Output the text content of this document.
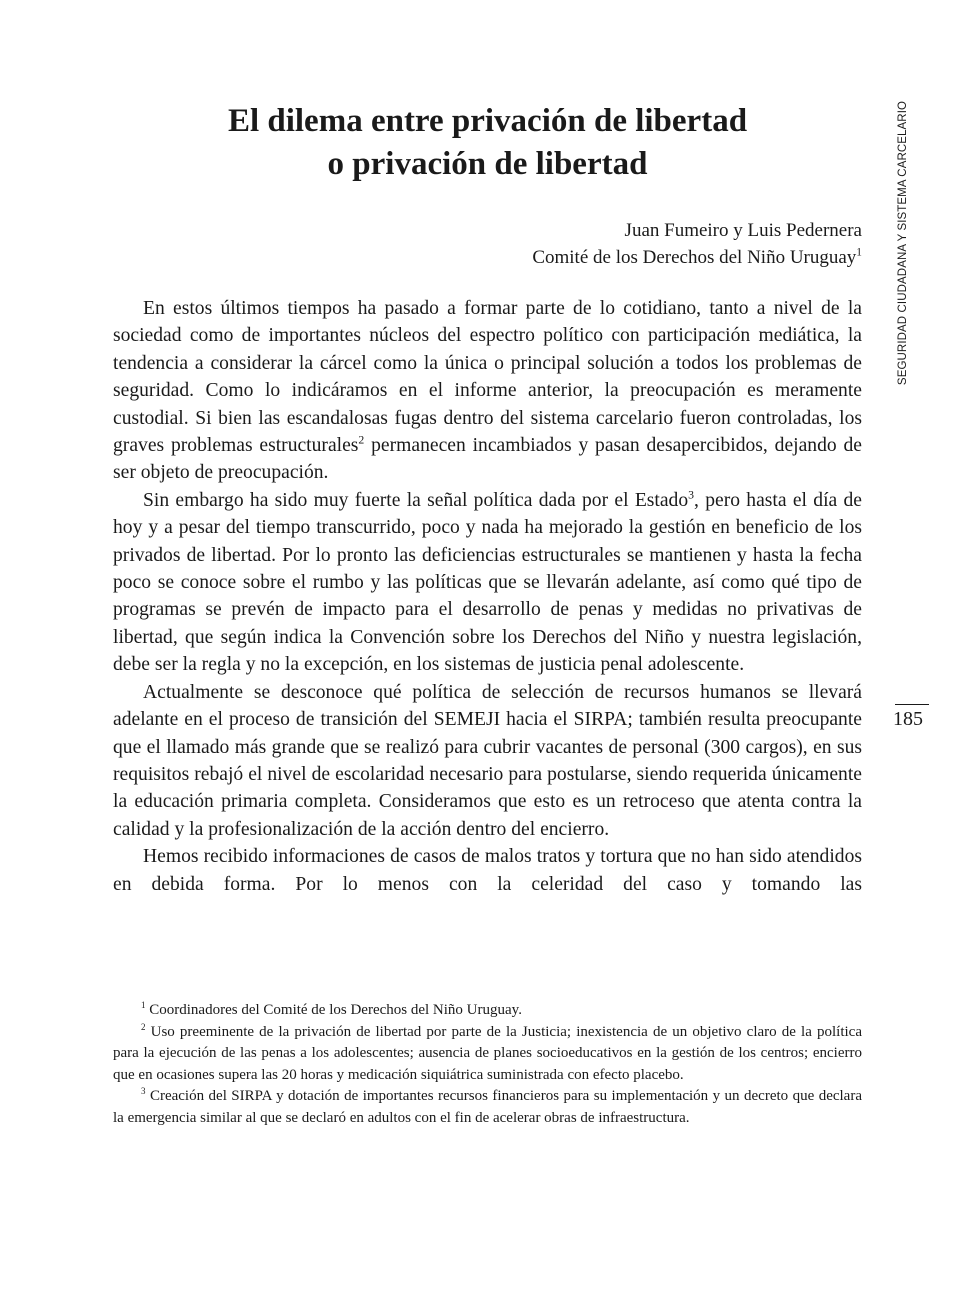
El dilema entre privación de libertad
o privación de libertad
Juan Fumeiro y Luis Pedernera
Comité de los Derechos del Niño Uruguay$^1$

En estos últimos tiempos ha pasado a formar parte de lo cotidiano, tanto a nivel de la sociedad como de importantes núcleos del espectro político con participación mediática, la tendencia a considerar la cárcel como la única o principal solución a todos los problemas de seguridad. Como lo indicáramos en el informe anterior, la preocupación es meramente custodial. Si bien las escandalosas fugas dentro del sistema carcelario fueron controladas, los graves problemas estructurales$^2$ permanecen incambiados y pasan desapercibidos, dejando de ser objeto de preocupación.

Sin embargo ha sido muy fuerte la señal política dada por el Estado$^3$, pero hasta el día de hoy y a pesar del tiempo transcurrido, poco y nada ha mejorado la gestión en beneficio de los privados de libertad. Por lo pronto las deficiencias estructurales se mantienen y hasta la fecha poco se conoce sobre el rumbo y las políticas que se llevarán adelante, así como qué tipo de programas se prevén de impacto para el desarrollo de penas y medidas no privativas de libertad, que según indica la Convención sobre los Derechos del Niño y nuestra legislación, debe ser la regla y no la excepción, en los sistemas de justicia penal adolescente.

Actualmente se desconoce qué política de selección de recursos humanos se llevará adelante en el proceso de transición del SEMEJI hacia el SIRPA; también resulta preocupante que el llamado más grande que se realizó para cubrir vacantes de personal (300 cargos), en sus requisitos rebajó el nivel de escolaridad necesario para postularse, siendo requerida únicamente la educación primaria completa. Consideramos que esto es un retroceso que atenta contra la calidad y la profesionalización de la acción dentro del encierro.

Hemos recibido informaciones de casos de malos tratos y tortura que no han sido atendidos en debida forma. Por lo menos con la celeridad del caso y tomando las

SEGURIDAD CIUDADANA Y SISTEMA CARCELARIO
185

$^1$ Coordinadores del Comité de los Derechos del Niño Uruguay.

$^2$ Uso preeminente de la privación de libertad por parte de la Justicia; inexistencia de un objetivo claro de la política para la ejecución de las penas a los adolescentes; ausencia de planes socioeducativos en la gestión de los centros; encierro que en ocasiones supera las 20 horas y medicación siquiátrica suministrada con efecto placebo.

$^3$ Creación del SIRPA y dotación de importantes recursos financieros para su implementación y un decreto que declara la emergencia similar al que se declaró en adultos con el fin de acelerar obras de infraestructura.
